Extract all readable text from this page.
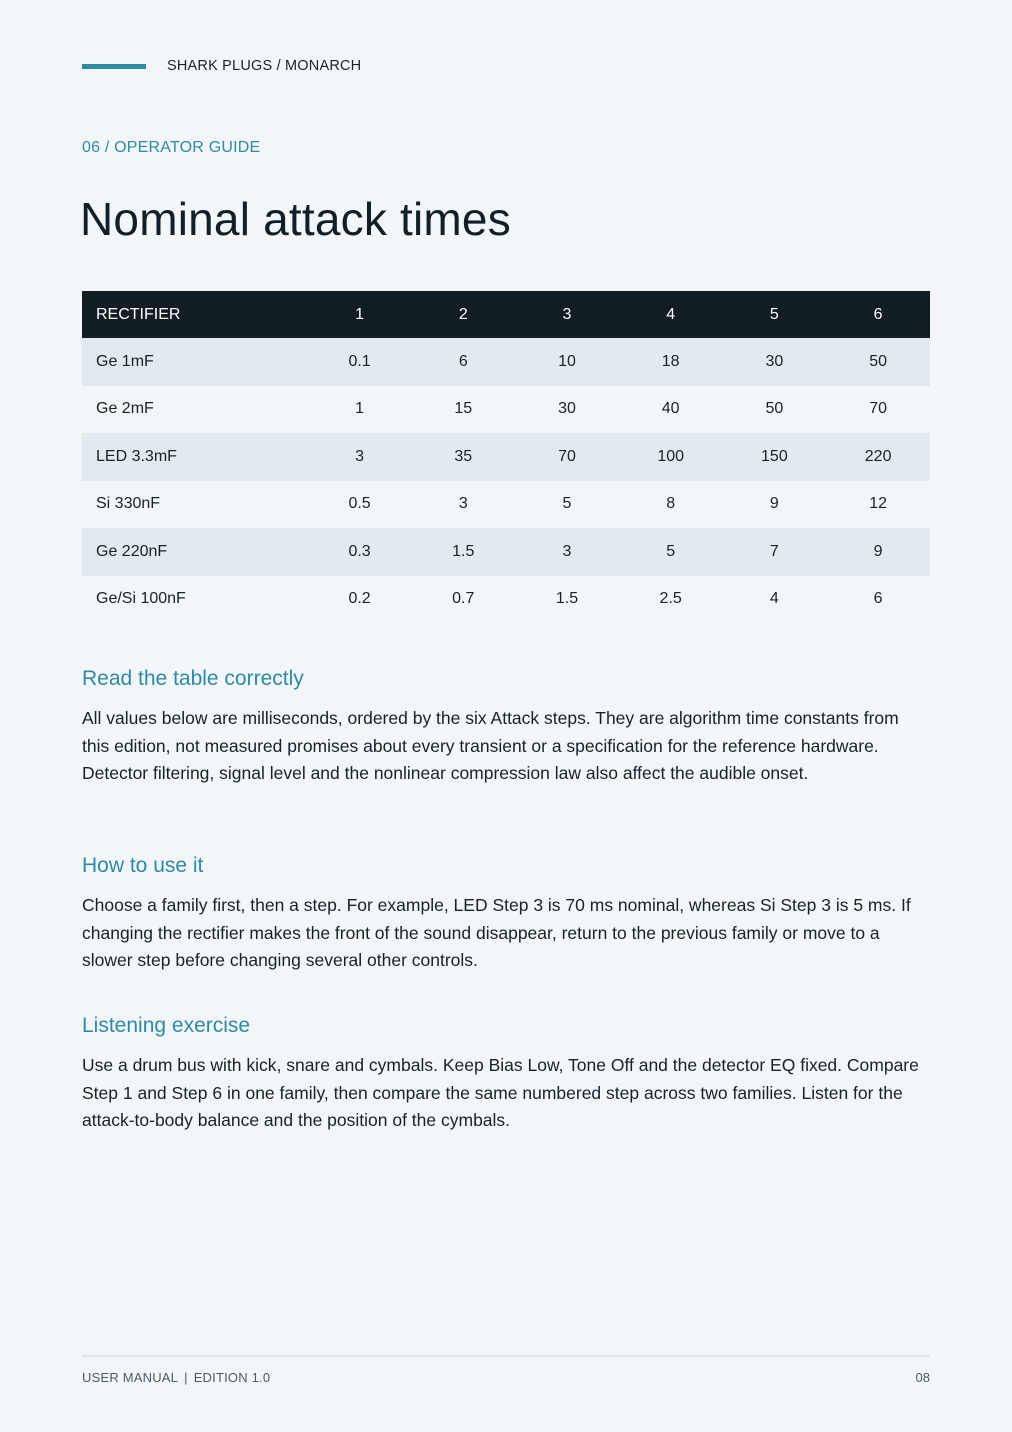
SHARK PLUGS / MONARCH
06 / OPERATOR GUIDE
Nominal attack times
RECTIFIER	1	2	3	4	5	6
Ge 1mF	0.1	6	10	18	30	50
Ge 2mF	1	15	30	40	50	70
LED 3.3mF	3	35	70	100	150	220
Si 330nF	0.5	3	5	8	9	12
Ge 220nF	0.3	1.5	3	5	7	9
Ge/Si 100nF	0.2	0.7	1.5	2.5	4	6
Read the table correctly

All values below are milliseconds, ordered by the six Attack steps. They are algorithm time constants from this edition, not measured promises about every transient or a specification for the reference hardware. Detector filtering, signal level and the nonlinear compression law also affect the audible onset.

How to use it

Choose a family first, then a step. For example, LED Step 3 is 70 ms nominal, whereas Si Step 3 is 5 ms. If changing the rectifier makes the front of the sound disappear, return to the previous family or move to a slower step before changing several other controls.

Listening exercise

Use a drum bus with kick, snare and cymbals. Keep Bias Low, Tone Off and the detector EQ fixed. Compare Step 1 and Step 6 in one family, then compare the same numbered step across two families. Listen for the attack-to-body balance and the position of the cymbals.

USER MANUAL | EDITION 1.0	08
